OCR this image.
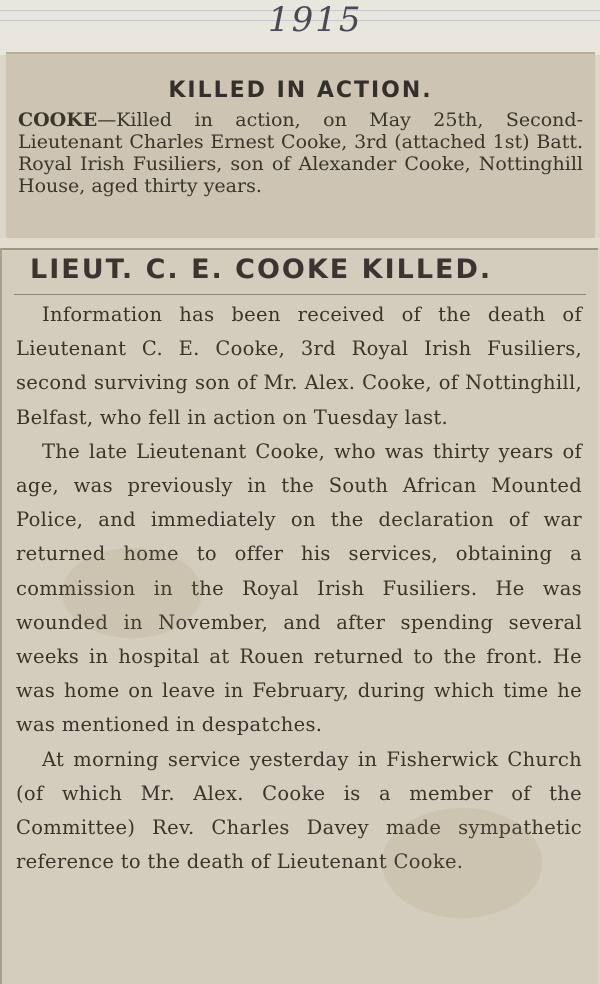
1915
KILLED IN ACTION.
COOKE—Killed in action, on May 25th, Second-Lieutenant Charles Ernest Cooke, 3rd (attached 1st) Batt. Royal Irish Fusiliers, son of Alexander Cooke, Nottinghill House, aged thirty years.
LIEUT. C. E. COOKE KILLED.

Information has been received of the death of Lieutenant C. E. Cooke, 3rd Royal Irish Fusiliers, second surviving son of Mr. Alex. Cooke, of Nottinghill, Belfast, who fell in action on Tuesday last.

The late Lieutenant Cooke, who was thirty years of age, was previously in the South African Mounted Police, and immediately on the declaration of war returned home to offer his services, obtaining a commission in the Royal Irish Fusiliers. He was wounded in November, and after spending several weeks in hospital at Rouen returned to the front. He was home on leave in February, during which time he was mentioned in despatches.

At morning service yesterday in Fisherwick Church (of which Mr. Alex. Cooke is a member of the Committee) Rev. Charles Davey made sympathetic reference to the death of Lieutenant Cooke.
